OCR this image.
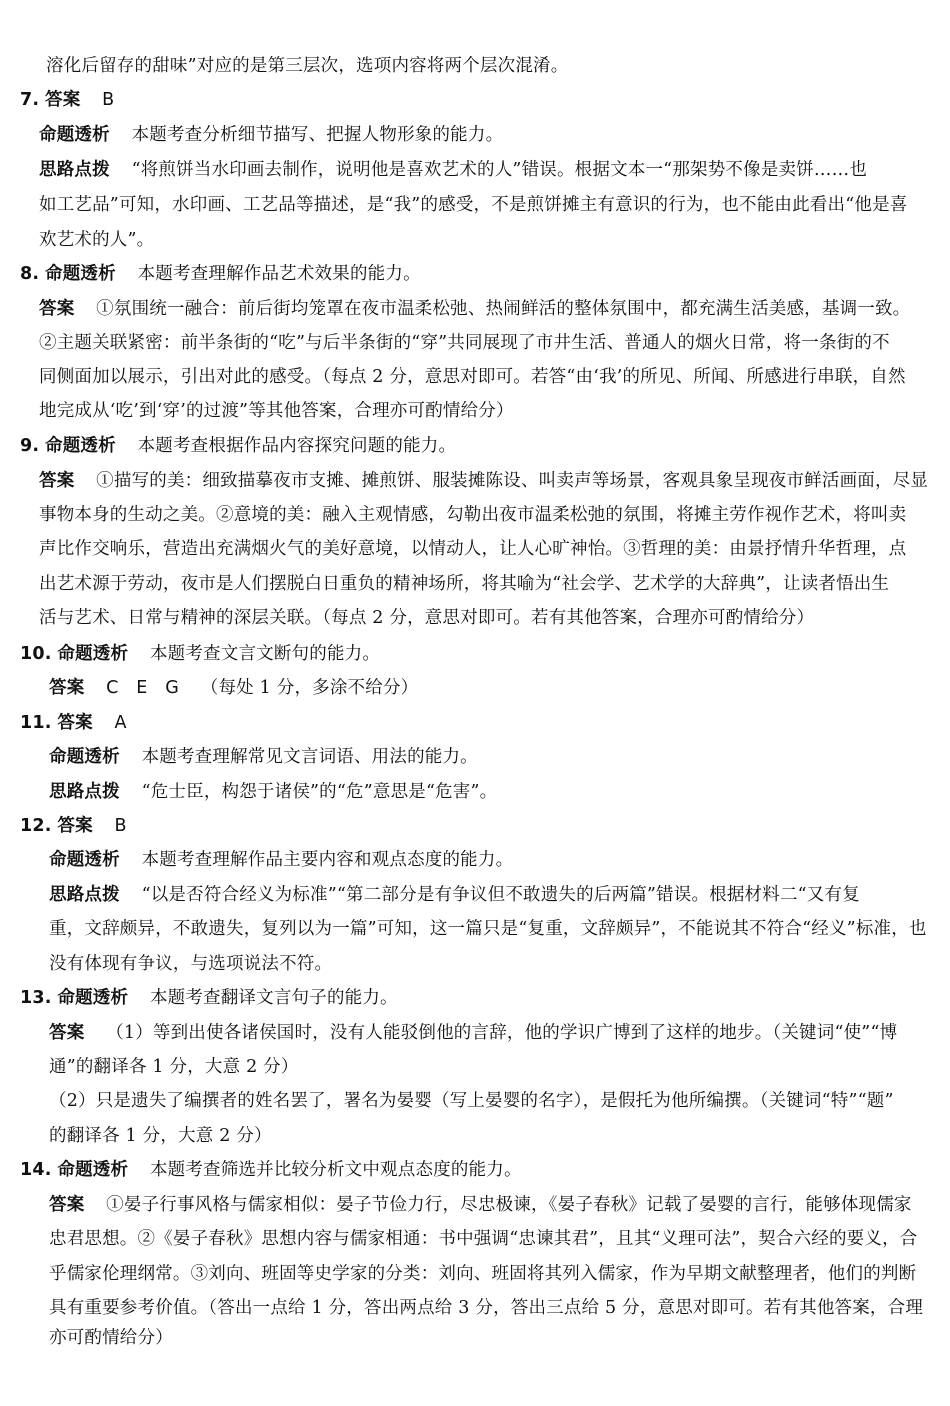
溶化后留存的甜味”对应的是第三层次，选项内容将两个层次混淆。
7. 答案 B
命题透析 本题考查分析细节描写、把握人物形象的能力。
思路点拨 “将煎饼当水印画去制作，说明他是喜欢艺术的人”错误。根据文本一“那架势不像是卖饼……也
如工艺品”可知，水印画、工艺品等描述，是“我”的感受，不是煎饼摊主有意识的行为，也不能由此看出“他是喜
欢艺术的人”。
8. 命题透析 本题考查理解作品艺术效果的能力。
答案 ①氛围统一融合：前后街均笼罩在夜市温柔松弛、热闹鲜活的整体氛围中，都充满生活美感，基调一致。
②主题关联紧密：前半条街的“吃”与后半条街的“穿”共同展现了市井生活、普通人的烟火日常，将一条街的不
同侧面加以展示，引出对此的感受。（每点 2 分，意思对即可。若答“由‘我’的所见、所闻、所感进行串联，自然
地完成从‘吃’到‘穿’的过渡”等其他答案，合理亦可酌情给分）
9. 命题透析 本题考查根据作品内容探究问题的能力。
答案 ①描写的美：细致描摹夜市支摊、摊煎饼、服装摊陈设、叫卖声等场景，客观具象呈现夜市鲜活画面，尽显
事物本身的生动之美。②意境的美：融入主观情感，勾勒出夜市温柔松弛的氛围，将摊主劳作视作艺术，将叫卖
声比作交响乐，营造出充满烟火气的美好意境，以情动人，让人心旷神怡。③哲理的美：由景抒情升华哲理，点
出艺术源于劳动，夜市是人们摆脱白日重负的精神场所，将其喻为“社会学、艺术学的大辞典”，让读者悟出生
活与艺术、日常与精神的深层关联。（每点 2 分，意思对即可。若有其他答案，合理亦可酌情给分）
10. 命题透析 本题考查文言文断句的能力。
答案 C　E　G （每处 1 分，多涂不给分）
11. 答案 A
命题透析 本题考查理解常见文言词语、用法的能力。
思路点拨 “危士臣，构怨于诸侯”的“危”意思是“危害”。
12. 答案 B
命题透析 本题考查理解作品主要内容和观点态度的能力。
思路点拨 “以是否符合经义为标准”“第二部分是有争议但不敢遗失的后两篇”错误。根据材料二“又有复
重，文辞颇异，不敢遗失，复列以为一篇”可知，这一篇只是“复重，文辞颇异”，不能说其不符合“经义”标准，也
没有体现有争议，与选项说法不符。
13. 命题透析 本题考查翻译文言句子的能力。
答案 （1）等到出使各诸侯国时，没有人能驳倒他的言辞，他的学识广博到了这样的地步。（关键词“使”“博
通”的翻译各 1 分，大意 2 分）
（2）只是遗失了编撰者的姓名罢了，署名为晏婴（写上晏婴的名字），是假托为他所编撰。（关键词“特”“题”
的翻译各 1 分，大意 2 分）
14. 命题透析 本题考查筛选并比较分析文中观点态度的能力。
答案 ①晏子行事风格与儒家相似：晏子节俭力行，尽忠极谏，《晏子春秋》记载了晏婴的言行，能够体现儒家
忠君思想。②《晏子春秋》思想内容与儒家相通：书中强调“忠谏其君”，且其“义理可法”，契合六经的要义，合
乎儒家伦理纲常。③刘向、班固等史学家的分类：刘向、班固将其列入儒家，作为早期文献整理者，他们的判断
具有重要参考价值。（答出一点给 1 分，答出两点给 3 分，答出三点给 5 分，意思对即可。若有其他答案，合理
亦可酌情给分）
